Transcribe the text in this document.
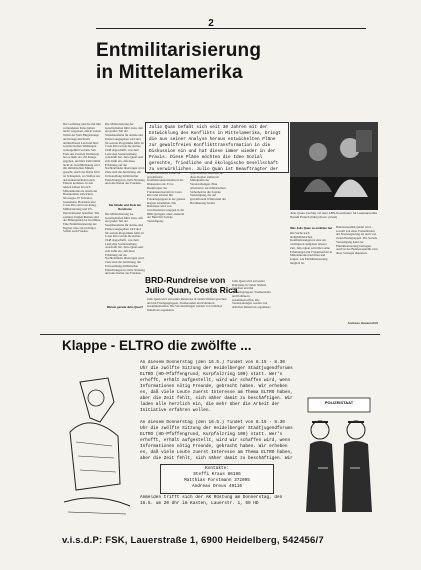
2
Entmilitarisierung
in Mittelamerika
Julio Quan befaßt sich seit 30 Jahren mit der Entwicklung des Konflikts in Mittelamerika, bringt die aus seiner Analyse heraus entwickelten Pläne zur gewaltfreien Konflikttransformation in die Diskussion ein und hat diese immer wieder in der Praxis. Diese Pläne möchten die Idee Sozial gerechte, friedliche und ökologische Gesellschaft zu verwirklichen. Julio Quan ist Beauftragter der
Der Golfkrieg und die mit ihm verbundenen Krise haben leicht vergessen, daß in weiten Teilen der Welt Bürgerkriege und Kriege mit ihrem unmittelbaren Leid und ihrer zerstörerischen Wirkungen weitergeführt werden. Seit Ende des Zweiten Weltkriegs hat es mehr als 150 Kriege gegeben, und ihre Zahl nimmt nicht ab. Konfliktlösung wird mit militärischen Mitteln gesucht. Auch die Dritte Welt ist Schauplatz, wo Waffen aus den Industrieländern zum Einsatz kommen. In den letzten Jahren hat sich Mittelamerika zu einem der Brennpunkte entwickelt, Nicaragua, El Salvador, Guatemala, Honduras und Costa Rica sind von Krieg, Militarisierung und US-Interventionen betroffen. Die sozialen Ungleichheiten sind der Hintergrund der Konflikte. Eine Entmilitarisierung der Region wäre ein wichtiger Schritt zum Frieden.
Die Militarisierung der Gesellschaften führt dazu, daß ein großer Teil der Staatshaushalte für Armee und Polizei ausgegeben wird und für soziale Programme fehlt. In Costa Rica wurde die Armee 1948 abgeschafft, was dem Land eine Sonderstellung verschafft hat. Julio Quan setzt sich dafür ein, daß diese Erfahrung auf die Nachbarländer übertragen wird. Ziele sind die Abrüstung, die Umwandlung militärischer Einrichtungen in zivile Nutzung und eine Kultur des Friedens.
Die Inhalte und Ziele der Rundreise
Die Militarisierung der Gesellschaften führt dazu, daß ein großer Teil der Staatshaushalte für Armee und Polizei ausgegeben wird und für soziale Programme fehlt. In Costa Rica wurde die Armee 1948 abgeschafft, was dem Land eine Sonderstellung verschafft hat. Julio Quan setzt sich dafür ein, daß diese Erfahrung auf die Nachbarländer übertragen wird. Ziele sind die Abrüstung, die Umwandlung militärischer Einrichtungen in zivile Nutzung und eine Kultur des Friedens.
Warum gerade Julio Quan?
entmilitarisierten Pläne zur gewaltfreien Konflikttransformation in die Diskussion ein. Er ist Beauftragter der Friedensuniversität in Costa Rica und arbeitet mit Friedensgruppen in der ganzen Region zusammen. Die Rundreise wird von verschiedenen Gruppen in der BRD getragen, unter anderem der Bund für Soziale Verteidigung.
Quellenmenschenkritik für diese Region stehen im Mittelpunkt der Veranstaltungen. Eine Alternative zur militärischen Sicherheit ist die Soziale Verteidigung, die auf gewaltfreiem Widerstand der Bevölkerung beruht.
BRD-Rundreise von
Julio Quan, Costa Rica
Julio Quan wird auf seiner Rundreise in vielen Städten sprechen und mit Friedensgruppen, Studierenden und Politikern zusammentreffen. Die Veranstaltungen werden von örtlichen Initiativen organisiert.
Julio Quan wird auf seiner Rundreise in vielen Städten sprechen und mit Friedensgruppen, Studierenden und Politikern zusammentreffen. Die Veranstaltungen werden von örtlichen Initiativen organisiert.
Julio Quan (rechts) mit dem ARS-Koordinator für Lateinamerika Harald Pötsch (links) (Foto: privat)
Was Julio Quan zu erzählen hat
Die Suche nach nichtmilitärischen Konfliktlösungen ist eine der wichtigsten Aufgaben unserer Zeit. Julio Quan wird über seine Erfahrungen mit Friedensarbeit in Mittelamerika berichten und zeigen, wie Entmilitarisierung möglich ist.
Bundesrepublik gehört wird – sowohl von einer Tranzmission der Staatsregierung als auch von vielen Basisgruppen. Die Soziale Verteidigung kann zur Entmilitarisierung beitragen. Auch in der Bundesrepublik wird diese Strategie diskutiert.
Andreas Hasaeschitl
Klappe - ELTRO die zwölfte ...
An diesem Donnerstag (den 16.5.) findet von 8.15 - 8.30 Uhr die zwölfte Sitzung der Heidelberger Stadtjugendforums ELTRO (HD-Pfaffengrund, Kurpfalzring 100) statt. Wer's erhofft, erhält aufgestellt, wird wir schaffen wird, wenn Informationen nötig Freunde, gebracht haben. Wir erheben es, daß viele Leute zuerst Interesse am Thema ELTRO haben, aber die Zeit fehlt, sich näher damit zu beschäftigen. Wir laden alle herzlich ein, die mehr über die Arbeit der Initiative erfahren wollen.
An diesem Donnerstag (den 16.5.) findet von 8.15 - 8.30 Uhr die zwölfte Sitzung der Heidelberger Stadtjugendforums ELTRO (HD-Pfaffengrund, Kurpfalzring 100) statt. Wer's erhofft, erhält aufgestellt, wird wir schaffen wird, wenn Informationen nötig Freunde, gebracht haben. Wir erheben es, daß viele Leute zuerst Interesse am Thema ELTRO haben, aber die Zeit fehlt, sich näher damit zu beschäftigen. Wir
Kontakte:
Steffi Kraus 86196
Matthias Forstmann 372095
Andreas Dreus 49116
Anmelden trifft sich der AK Rüstung am Donnerstag, den 16.5. um 20 Uhr im Kasten, Lauerstr. 1, 69 HD
POLIZEISTAAT
v.i.s.d.P: FSK, Lauerstraße 1, 6900 Heidelberg, 542456/7
